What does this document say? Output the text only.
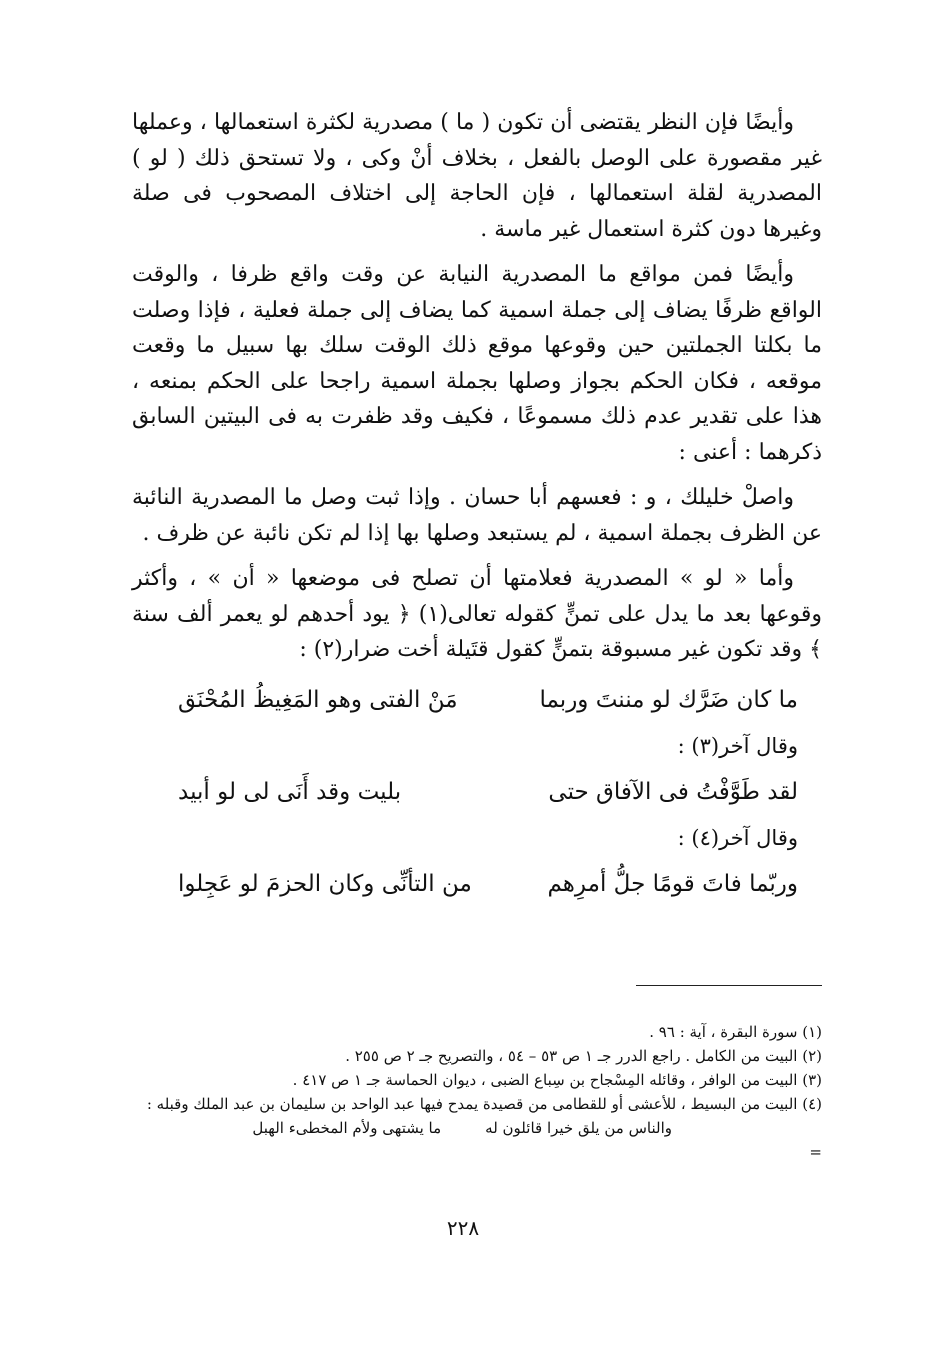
وأيضًا فإن النظر يقتضى أن تكون ( ما ) مصدرية لكثرة استعمالها ، وعملها غير مقصورة على الوصل بالفعل ، بخلاف أنْ وكى ، ولا تستحق ذلك ( لو ) المصدرية لقلة استعمالها ، فإن الحاجة إلى اختلاف المصحوب فى صلة وغيرها دون كثرة استعمال غير ماسة .

وأيضًا فمن مواقع ما المصدرية النيابة عن وقت واقع ظرفا ، والوقت الواقع ظرفًا يضاف إلى جملة اسمية كما يضاف إلى جملة فعلية ، فإذا وصلت ما بكلتا الجملتين حين وقوعها موقع ذلك الوقت سلك بها سبيل ما وقعت موقعه ، فكان الحكم بجواز وصلها بجملة اسمية راجحا على الحكم بمنعه ، هذا على تقدير عدم ذلك مسموعًا ، فكيف وقد ظفرت به فى البيتين السابق ذكرهما : أعنى :

واصلْ خليلك ، و : فعسهم أبا حسان . وإذا ثبت وصل ما المصدرية النائبة عن الظرف بجملة اسمية ، لم يستبعد وصلها بها إذا لم تكن نائبة عن ظرف .

وأما « لو » المصدرية فعلامتها أن تصلح فى موضعها « أن » ، وأكثر وقوعها بعد ما يدل على تمنٍّ كقوله تعالى(١) ﴿ يود أحدهم لو يعمر ألف سنة ﴾ وقد تكون غير مسبوقة بتمنٍّ كقول قتَيلة أخت ضرار(٢) :

ما كان ضَرَّك لو مننتَ وربما
مَنْ الفتى وهو المَغِيظُ المُحْنَق
وقال آخر(٣) :
لقد طَوَّفْتُ فى الآفاق حتى
بليت وقد أَنَى لى لو أبيد
وقال آخر(٤) :
وربّما فاتَ قومًا جلُّ أمرِهم
من التأنِّى وكان الحزمَ لو عَجِلوا

(١) سورة البقرة ، آية : ٩٦ .

(٢) البيت من الكامل . راجع الدرر جـ ١ ص ٥٣ – ٥٤ ، والتصريح جـ ٢ ص ٢٥٥ .

(٣) البيت من الوافر ، وقائله المِسْجاح بن سِباع الضبى ، ديوان الحماسة جـ ١ ص ٤١٧ .

(٤) البيت من البسيط ، للأعشى أو للقطامى من قصيدة يمدح فيها عبد الواحد بن سليمان بن عبد الملك وقبله :

والناس من يلق خيرا قائلون له
ما يشتهى ولأم المخطىء الهبل
=
٢٢٨
